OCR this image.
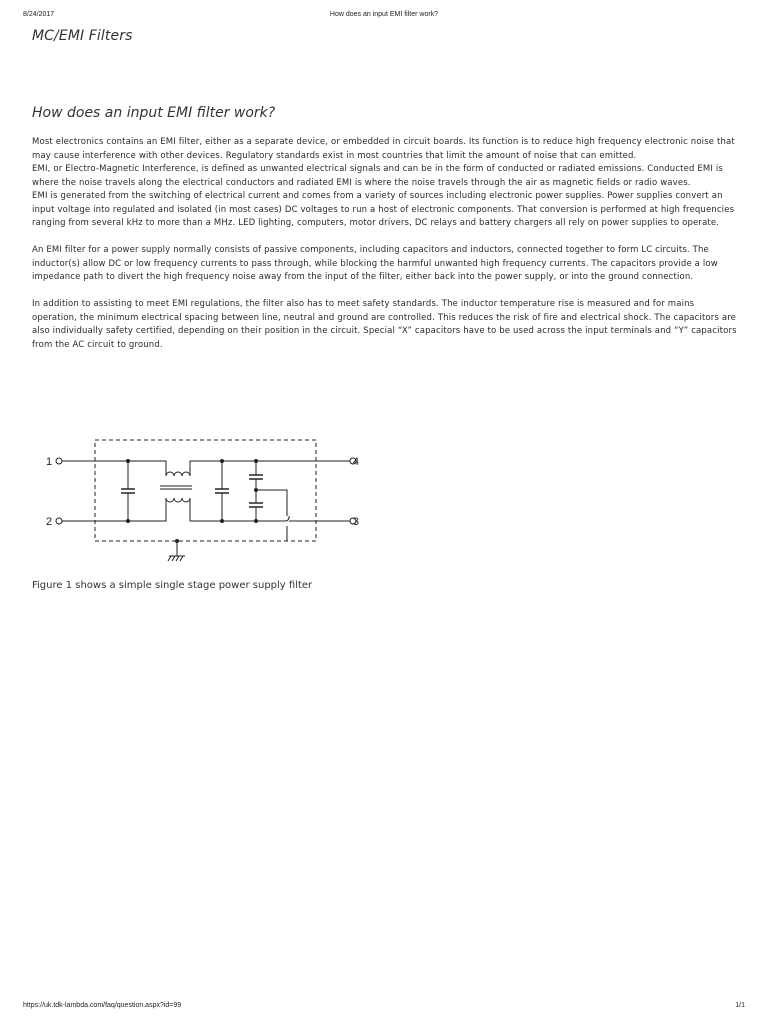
8/24/2017	How does an input EMI filter work?
MC/EMI Filters
How does an input EMI filter work?

Most electronics contains an EMI filter, either as a separate device, or embedded in circuit boards. Its function is to reduce high frequency electronic noise that may cause interference with other devices. Regulatory standards exist in most countries that limit the amount of noise that can emitted.

EMI, or Electro-Magnetic Interference, is defined as unwanted electrical signals and can be in the form of conducted or radiated emissions. Conducted EMI is where the noise travels along the electrical conductors and radiated EMI is where the noise travels through the air as magnetic fields or radio waves.

EMI is generated from the switching of electrical current and comes from a variety of sources including electronic power supplies. Power supplies convert an input voltage into regulated and isolated (in most cases) DC voltages to run a host of electronic components. That conversion is performed at high frequencies ranging from several kHz to more than a MHz. LED lighting, computers, motor drivers, DC relays and battery chargers all rely on power supplies to operate.

An EMI filter for a power supply normally consists of passive components, including capacitors and inductors, connected together to form LC circuits. The inductor(s) allow DC or low frequency currents to pass through, while blocking the harmful unwanted high frequency currents. The capacitors provide a low impedance path to divert the high frequency noise away from the input of the filter, either back into the power supply, or into the ground connection.

In addition to assisting to meet EMI regulations, the filter also has to meet safety standards. The inductor temperature rise is measured and for mains operation, the minimum electrical spacing between line, neutral and ground are controlled. This reduces the risk of fire and electrical shock. The capacitors are also individually safety certified, depending on their position in the circuit. Special “X” capacitors have to be used across the input terminals and “Y” capacitors from the AC circuit to ground.

1
2
4
3

Figure 1 shows a simple single stage power supply filter

https://uk.tdk-lambda.com/faq/question.aspx?id=99	1/1
